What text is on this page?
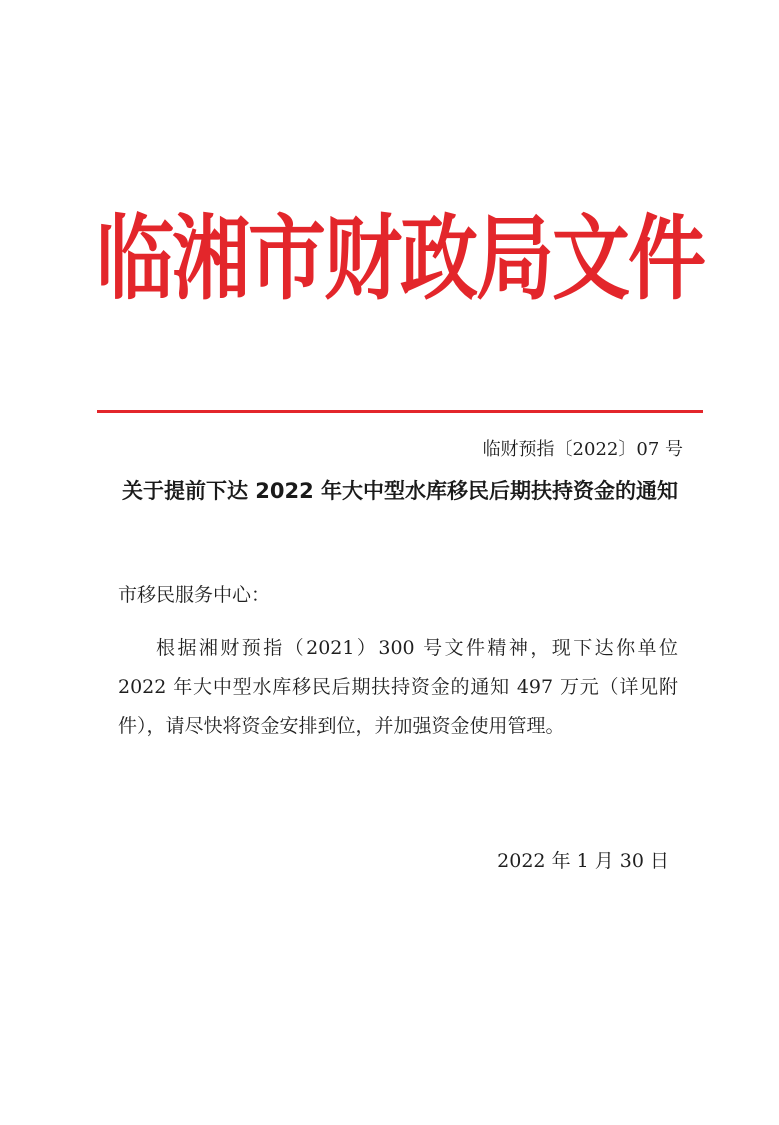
临湘市财政局文件
临财预指〔2022〕07 号
关于提前下达 2022 年大中型水库移民后期扶持资金的通知
市移民服务中心：
根据湘财预指（2021）300 号文件精神，现下达你单位 2022 年大中型水库移民后期扶持资金的通知 497 万元（详见附件），请尽快将资金安排到位，并加强资金使用管理。
2022 年 1 月 30 日
